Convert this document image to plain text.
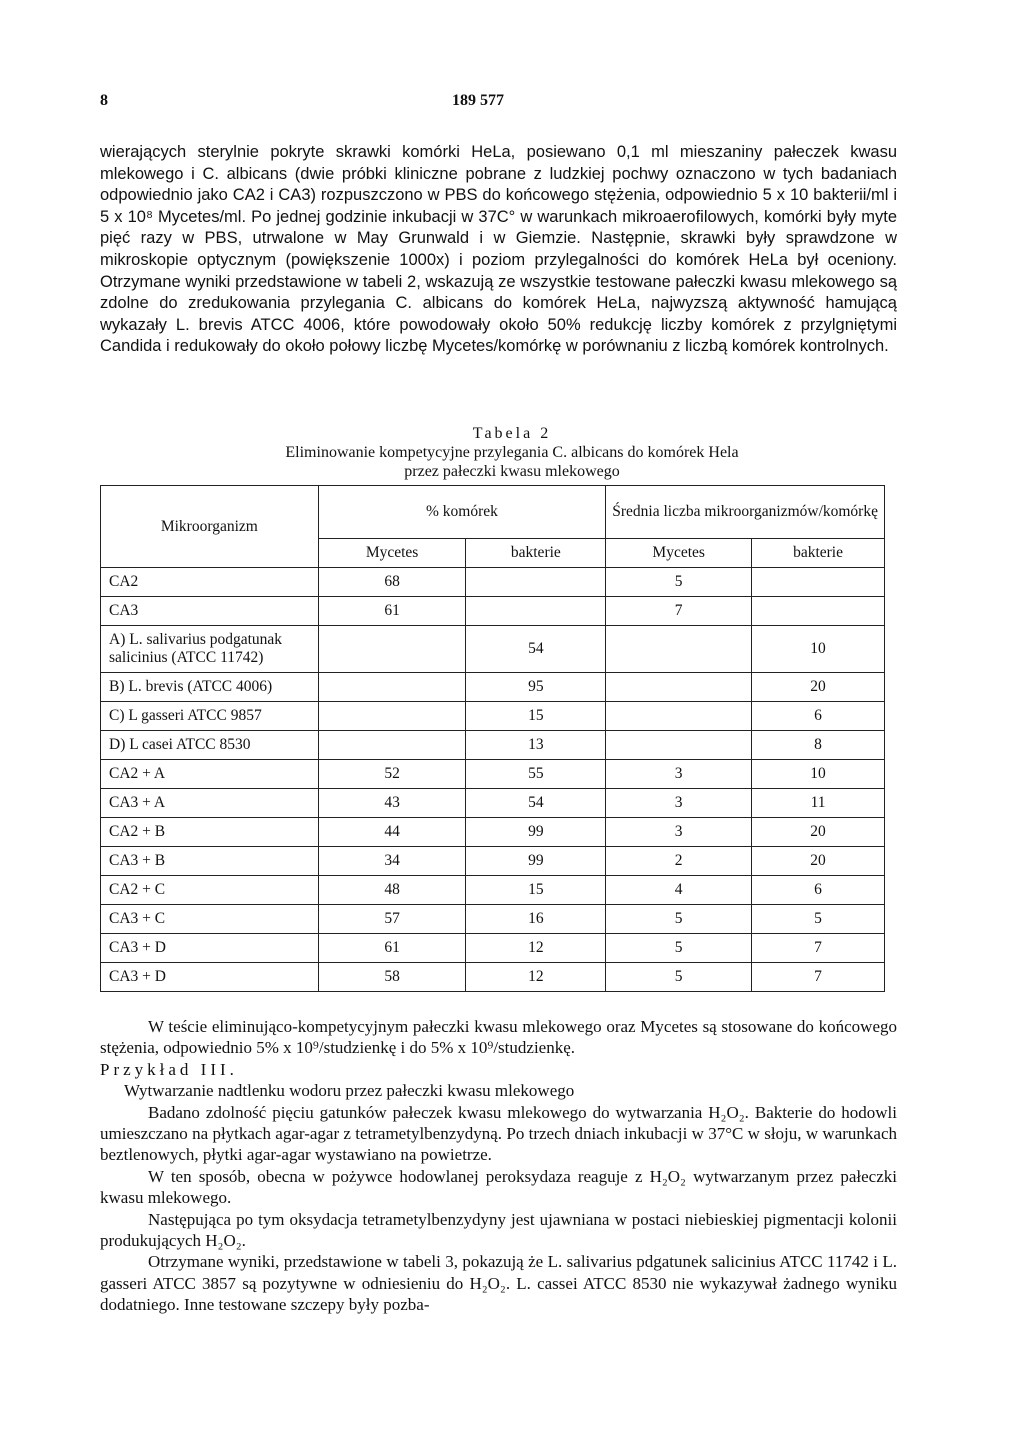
8	189 577

wierających sterylnie pokryte skrawki komórki HeLa, posiewano 0,1 ml mieszaniny pałeczek kwasu mlekowego i C. albicans (dwie próbki kliniczne pobrane z ludzkiej pochwy oznaczono w tych badaniach odpowiednio jako CA2 i CA3) rozpuszczono w PBS do końcowego stężenia, odpowiednio 5 x 10 bakterii/ml i 5 x 10⁸ Mycetes/ml. Po jednej godzinie inkubacji w 37C° w warunkach mikroaerofilowych, komórki były myte pięć razy w PBS, utrwalone w May Grunwald i w Giemzie. Następnie, skrawki były sprawdzone w mikroskopie optycznym (powiększenie 1000x) i poziom przylegalności do komórek HeLa był oceniony. Otrzymane wyniki przedstawione w tabeli 2, wskazują ze wszystkie testowane pałeczki kwasu mlekowego są zdolne do zredukowania przylegania C. albicans do komórek HeLa, najwyzszą aktywność hamującą wykazały L. brevis ATCC 4006, które powodowały około 50% redukcję liczby komórek z przylgniętymi Candida i redukowały do około połowy liczbę Mycetes/komórkę w porównaniu z liczbą komórek kontrolnych.

Tabela 2
Eliminowanie kompetycyjne przylegania C. albicans do komórek Hela
przez pałeczki kwasu mlekowego
Mikroorganizm	% komórek		Średnia liczba mikroorganizmów/komórkę	
	Mycetes	bakterie	Mycetes	bakterie
CA2	68		5	
CA3	61		7	
A) L. salivarius podgatunak salicinius (ATCC 11742)		54		10
B) L. brevis (ATCC 4006)		95		20
C) L gasseri ATCC 9857		15		6
D) L casei ATCC 8530		13		8
CA2 + A	52	55	3	10
CA3 + A	43	54	3	11
CA2 + B	44	99	3	20
CA3 + B	34	99	2	20
CA2 + C	48	15	4	6
CA3 + C	57	16	5	5
CA3 + D	61	12	5	7
CA3 + D	58	12	5	7

W teście eliminująco-kompetycyjnym pałeczki kwasu mlekowego oraz Mycetes są stosowane do końcowego stężenia, odpowiednio 5% x 10⁹/studzienkę i do 5% x 10⁹/studzienkę.

Przykład III.

Wytwarzanie nadtlenku wodoru przez pałeczki kwasu mlekowego

Badano zdolność pięciu gatunków pałeczek kwasu mlekowego do wytwarzania H₂O₂. Bakterie do hodowli umieszczano na płytkach agar-agar z tetrametylbenzydyną. Po trzech dniach inkubacji w 37°C w słoju, w warunkach beztlenowych, płytki agar-agar wystawiano na powietrze.

W ten sposób, obecna w pożywce hodowlanej peroksydaza reaguje z H₂O₂ wytwarzanym przez pałeczki kwasu mlekowego.

Następująca po tym oksydacja tetrametylbenzydyny jest ujawniana w postaci niebieskiej pigmentacji kolonii produkujących H₂O₂.

Otrzymane wyniki, przedstawione w tabeli 3, pokazują że L. salivarius pdgatunek salicinius ATCC 11742 i L. gasseri ATCC 3857 są pozytywne w odniesieniu do H₂O₂. L. cassei ATCC 8530 nie wykazywał żadnego wyniku dodatniego. Inne testowane szczepy były pozba-
